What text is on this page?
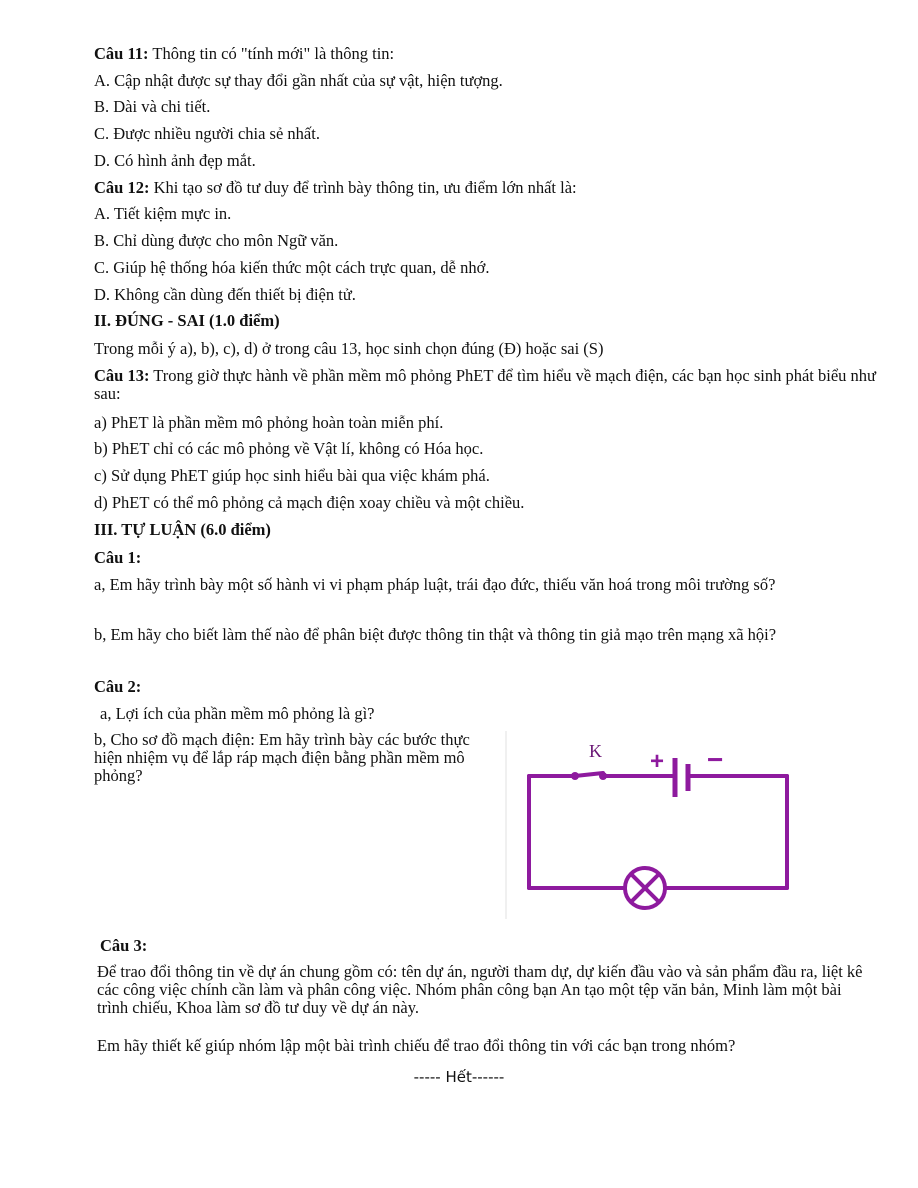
Câu 11: Thông tin có "tính mới" là thông tin:
A. Cập nhật được sự thay đổi gần nhất của sự vật, hiện tượng.
B. Dài và chi tiết.
C. Được nhiều người chia sẻ nhất.
D. Có hình ảnh đẹp mắt.
Câu 12: Khi tạo sơ đồ tư duy để trình bày thông tin, ưu điểm lớn nhất là:
A. Tiết kiệm mực in.
B. Chỉ dùng được cho môn Ngữ văn.
C. Giúp hệ thống hóa kiến thức một cách trực quan, dễ nhớ.
D. Không cần dùng đến thiết bị điện tử.
II. ĐÚNG - SAI (1.0 điểm)
Trong mỗi ý a), b), c), d) ở trong câu 13, học sinh chọn đúng (Đ) hoặc sai (S)
Câu 13: Trong giờ thực hành về phần mềm mô phỏng PhET để tìm hiểu về mạch điện, các bạn học sinh phát biểu như sau:
a) PhET là phần mềm mô phỏng hoàn toàn miễn phí.
b) PhET chỉ có các mô phỏng về Vật lí, không có Hóa học.
c) Sử dụng PhET giúp học sinh hiểu bài qua việc khám phá.
d) PhET có thể mô phỏng cả mạch điện xoay chiều và một chiều.
III. TỰ LUẬN (6.0 điểm)
Câu 1:
a, Em hãy trình bày một số hành vi vi phạm pháp luật, trái đạo đức, thiếu văn hoá trong môi trường số?
b, Em hãy cho biết làm thế nào để phân biệt được thông tin thật và thông tin giả mạo trên mạng xã hội?
Câu 2:
a, Lợi ích của phần mềm mô phỏng là gì?
b, Cho sơ đồ mạch điện: Em hãy trình bày các bước thực hiện nhiệm vụ để lắp ráp mạch điện bằng phần mềm mô phỏng?
K + −
Câu 3:
Để trao đổi thông tin về dự án chung gồm có: tên dự án, người tham dự, dự kiến đầu vào và sản phẩm đầu ra, liệt kê các công việc chính cần làm và phân công việc. Nhóm phân công bạn An tạo một tệp văn bản, Minh làm một bài trình chiếu, Khoa làm sơ đồ tư duy về dự án này.
Em hãy thiết kế giúp nhóm lập một bài trình chiếu để trao đổi thông tin với các bạn trong nhóm?
----- Hết------
